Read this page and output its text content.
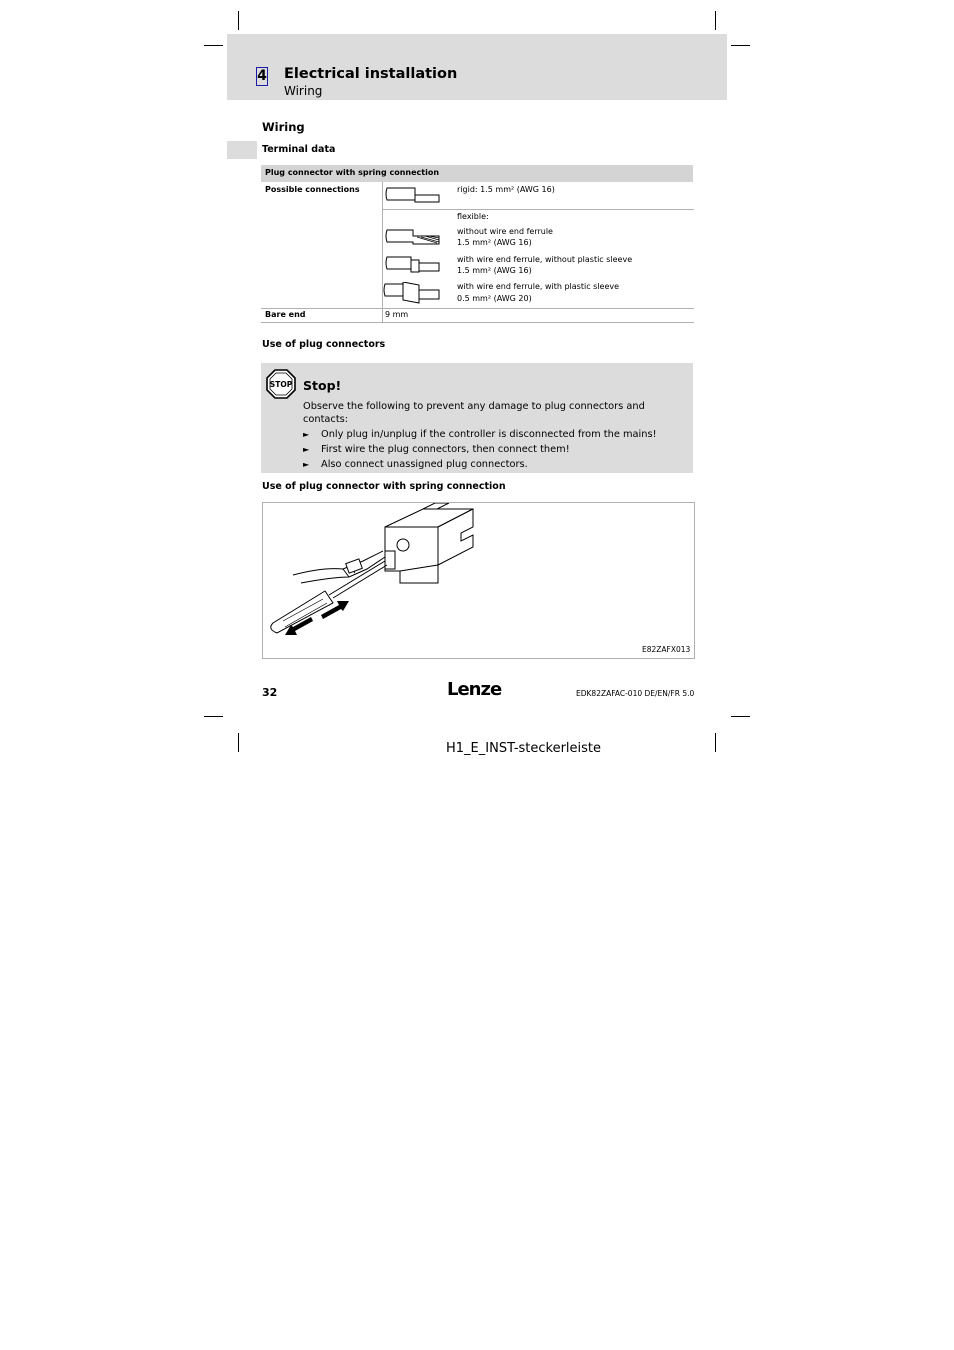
4 Electrical installation
Wiring
Wiring
Terminal data
Plug connector with spring connection
Possible connections	rigid: 1.5 mm² (AWG 16)
flexible:
without wire end ferrule
1.5 mm² (AWG 16)
with wire end ferrule, without plastic sleeve
1.5 mm² (AWG 16)
with wire end ferrule, with plastic sleeve
0.5 mm² (AWG 20)
Bare end	9 mm
Use of plug connectors
STOP Stop!
Observe the following to prevent any damage to plug connectors and contacts:
► Only plug in/unplug if the controller is disconnected from the mains!
► First wire the plug connectors, then connect them!
► Also connect unassigned plug connectors.
Use of plug connector with spring connection
E82ZAFX013
32	Lenze	EDK82ZAFAC-010 DE/EN/FR 5.0
H1_E_INST-steckerleiste
